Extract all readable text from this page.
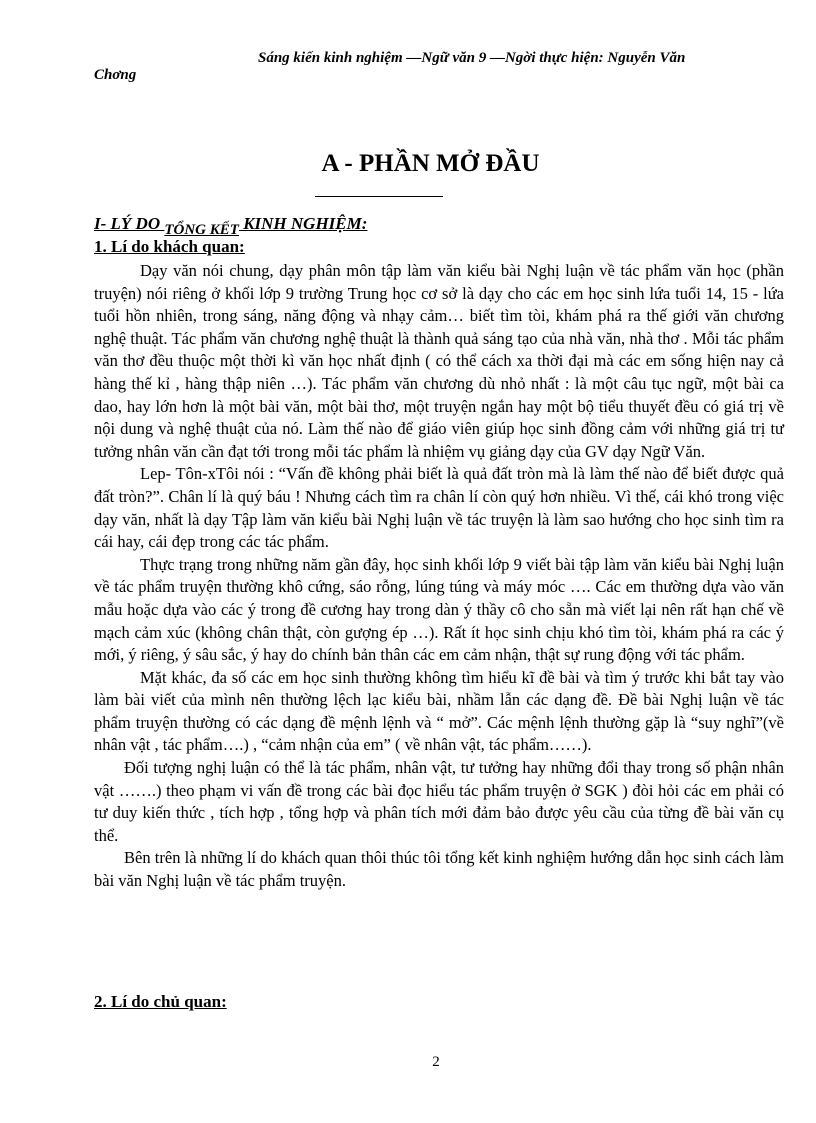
Sáng kiến kinh nghiệm —Ngữ văn 9 —Ngời thực hiện: Nguyễn Văn
Chơng
A - PHẦN MỞ ĐẦU
I- LÝ DO TỔNG KẾT KINH NGHIỆM:
1. Lí do khách quan:

Dạy văn nói chung, dạy phân môn tập làm văn kiểu bài Nghị luận về tác phẩm văn học (phần truyện) nói riêng ở khối lớp 9 trường Trung học cơ sở là dạy cho các em học sinh lứa tuổi 14, 15 - lứa tuổi hồn nhiên, trong sáng, năng động và nhạy cảm… biết tìm tòi, khám phá ra thế giới văn chương nghệ thuật. Tác phẩm văn chương nghệ thuật là thành quả sáng tạo của nhà văn, nhà thơ . Mỗi tác phẩm văn thơ đều thuộc một thời kì văn học nhất định ( có thể cách xa thời đại mà các em sống hiện nay cả hàng thế kỉ , hàng thập niên …). Tác phẩm văn chương dù nhỏ nhất : là một câu tục ngữ, một bài ca dao, hay lớn hơn là một bài văn, một bài thơ, một truyện ngắn hay một bộ tiểu thuyết đều có giá trị về nội dung và nghệ thuật của nó. Làm thế nào để giáo viên giúp học sinh đồng cảm với những giá trị tư tưởng nhân văn cần đạt tới trong mỗi tác phẩm là nhiệm vụ giảng dạy của GV dạy Ngữ Văn.

Lep- Tôn-xTôi nói : “Vấn đề không phải biết là quả đất tròn mà là làm thế nào để biết được quả đất tròn?”. Chân lí là quý báu ! Nhưng cách tìm ra chân lí còn quý hơn nhiều. Vì thế, cái khó trong việc dạy văn, nhất là dạy Tập làm văn kiểu bài Nghị luận về tác truyện là làm sao hướng cho học sinh tìm ra cái hay, cái đẹp trong các tác phẩm.

Thực trạng trong những năm gần đây, học sinh khối lớp 9 viết bài tập làm văn kiểu bài Nghị luận về tác phẩm truyện thường khô cứng, sáo rỗng, lúng túng và máy móc …. Các em thường dựa vào văn mẫu hoặc dựa vào các ý trong đề cương hay trong dàn ý thầy cô cho sẵn mà viết lại nên rất hạn chế về mạch cảm xúc (không chân thật, còn gượng ép …). Rất ít học sinh chịu khó tìm tòi, khám phá ra các ý mới, ý riêng, ý sâu sắc, ý hay do chính bản thân các em cảm nhận, thật sự rung động với tác phẩm.

Mặt khác, đa số các em học sinh thường không tìm hiểu kĩ đề bài và tìm ý trước khi bắt tay vào làm bài viết của mình nên thường lệch lạc kiểu bài, nhầm lẫn các dạng đề. Đề bài Nghị luận về tác phẩm truyện thường có các dạng đề mệnh lệnh và “ mở”. Các mệnh lệnh thường gặp là “suy nghĩ”(về nhân vật , tác phẩm….) , “cảm nhận của em” ( về nhân vật, tác phẩm……).

Đối tượng nghị luận có thể là tác phẩm, nhân vật, tư tưởng hay những đổi thay trong số phận nhân vật …….) theo phạm vi vấn đề trong các bài đọc hiểu tác phẩm truyện ở SGK ) đòi hỏi các em phải có tư duy kiến thức , tích hợp , tổng hợp và phân tích mới đảm bảo được yêu cầu của từng đề bài văn cụ thể.

Bên trên là những lí do khách quan thôi thúc tôi tổng kết kinh nghiệm hướng dẫn học sinh cách làm bài văn Nghị luận về tác phẩm truyện.

2. Lí do chủ quan:
2
